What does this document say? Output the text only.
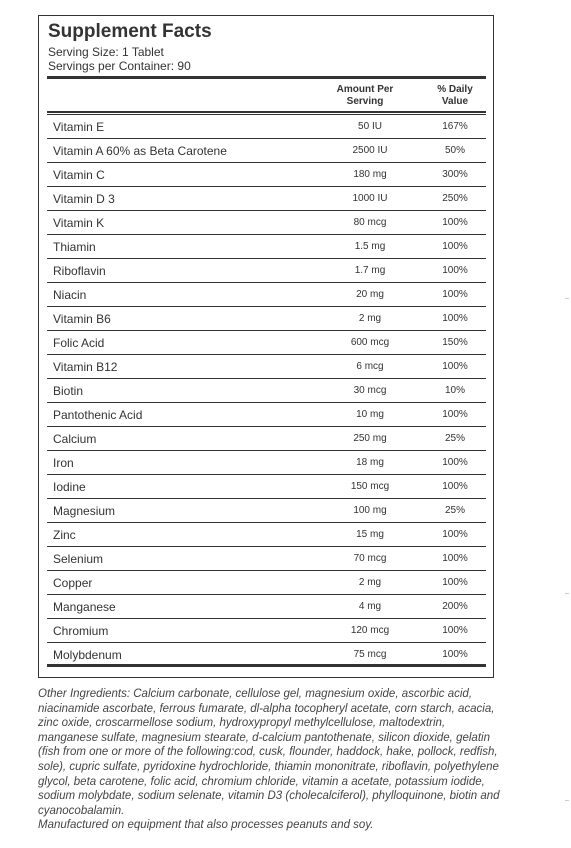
Supplement Facts
Serving Size: 1 Tablet
Servings per Container: 90
Amount Per
Serving
% Daily
Value
Vitamin E	50 IU	167%
Vitamin A 60% as Beta Carotene	2500 IU	50%
Vitamin C	180 mg	300%
Vitamin D 3	1000 IU	250%
Vitamin K	80 mcg	100%
Thiamin	1.5 mg	100%
Riboflavin	1.7 mg	100%
Niacin	20 mg	100%
Vitamin B6	2 mg	100%
Folic Acid	600 mcg	150%
Vitamin B12	6 mcg	100%
Biotin	30 mcg	10%
Pantothenic Acid	10 mg	100%
Calcium	250 mg	25%
Iron	18 mg	100%
Iodine	150 mcg	100%
Magnesium	100 mg	25%
Zinc	15 mg	100%
Selenium	70 mcg	100%
Copper	2 mg	100%
Manganese	4 mg	200%
Chromium	120 mcg	100%
Molybdenum	75 mcg	100%
Other Ingredients: Calcium carbonate, cellulose gel, magnesium oxide, ascorbic acid, niacinamide ascorbate, ferrous fumarate, dl-alpha tocopheryl acetate, corn starch, acacia, zinc oxide, croscarmellose sodium, hydroxypropyl methylcellulose, maltodextrin, manganese sulfate, magnesium stearate, d-calcium pantothenate, silicon dioxide, gelatin (fish from one or more of the following:cod, cusk, flounder, haddock, hake, pollock, redfish, sole), cupric sulfate, pyridoxine hydrochloride, thiamin mononitrate, riboflavin, polyethylene glycol, beta carotene, folic acid, chromium chloride, vitamin a acetate, potassium iodide, sodium molybdate, sodium selenate, vitamin D3 (cholecalciferol), phylloquinone, biotin and cyanocobalamin.
Manufactured on equipment that also processes peanuts and soy.
